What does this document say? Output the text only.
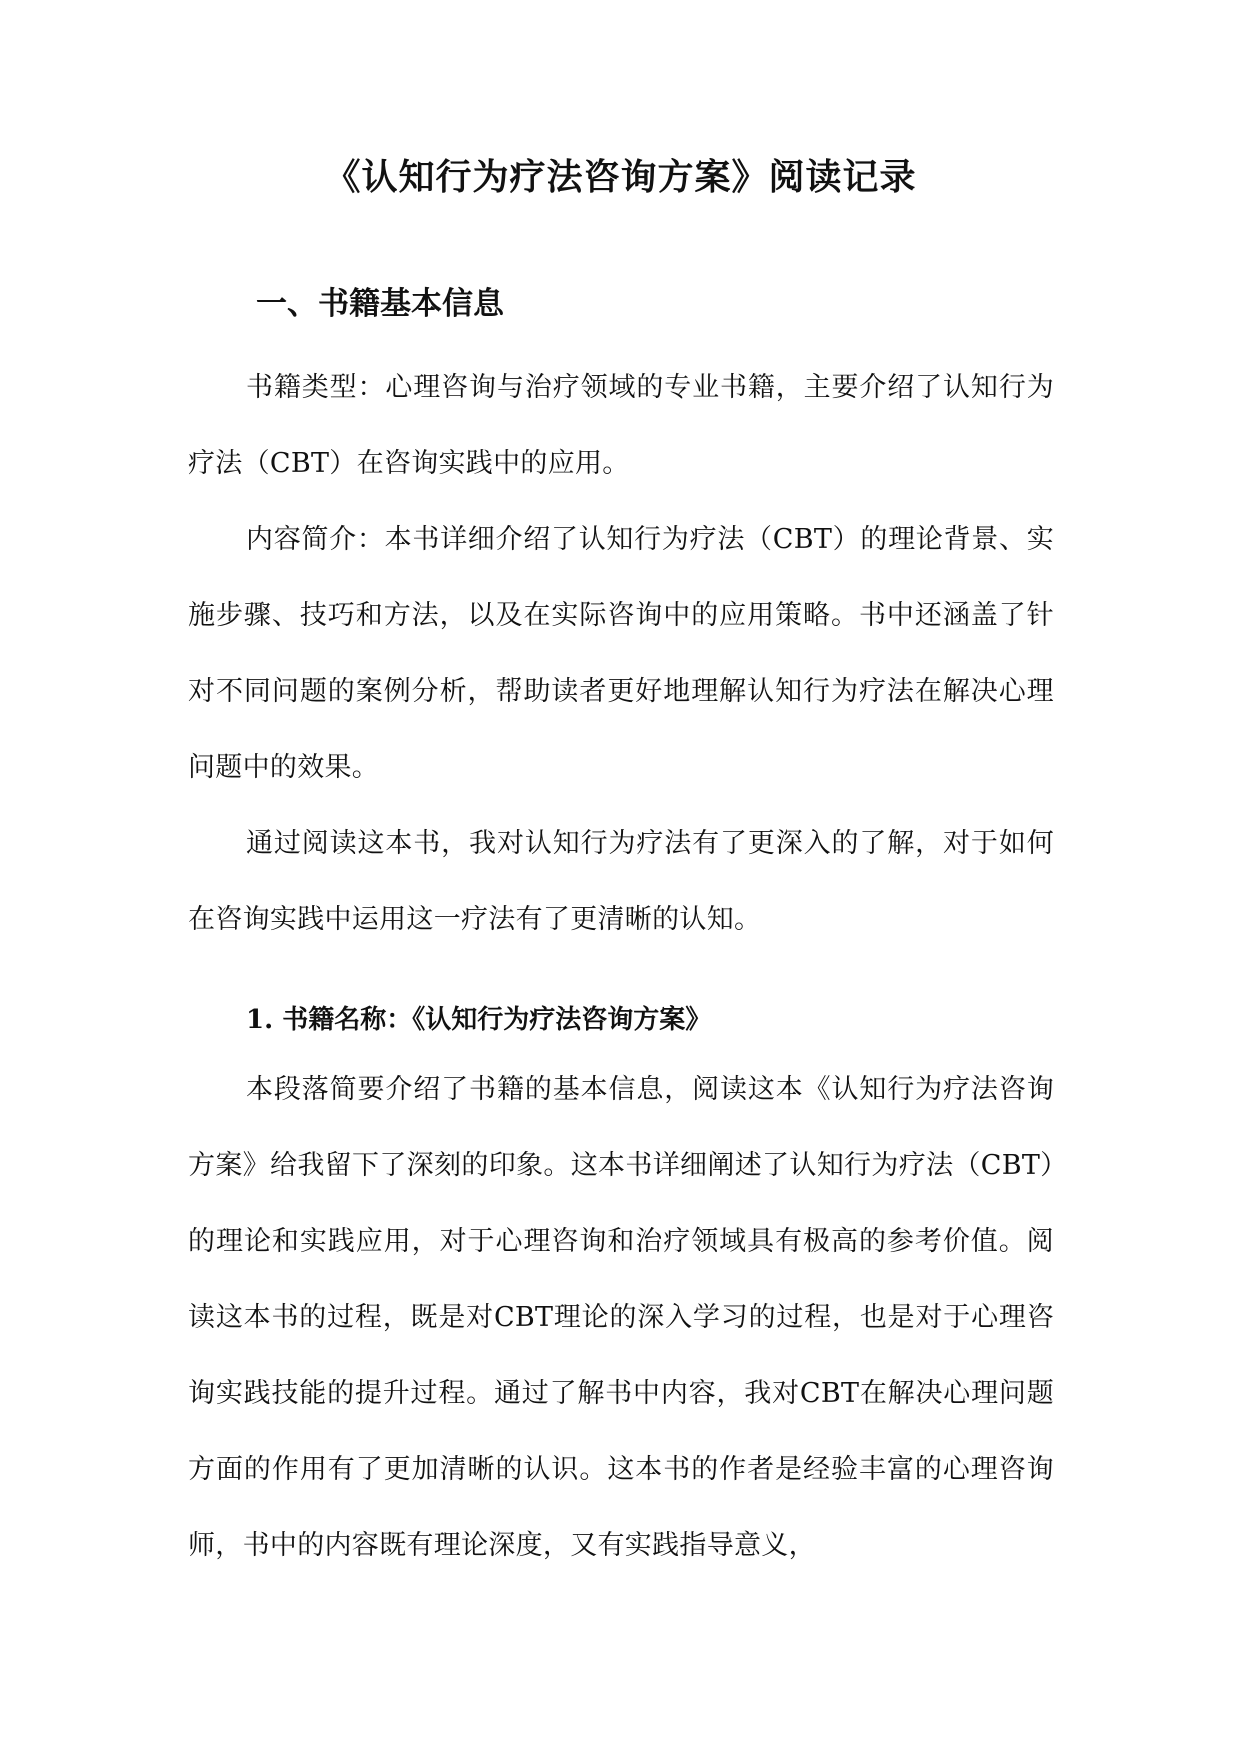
《认知行为疗法咨询方案》阅读记录
一、书籍基本信息

书籍类型：心理咨询与治疗领域的专业书籍，主要介绍了认知行为疗法（CBT）在咨询实践中的应用。

内容简介：本书详细介绍了认知行为疗法（CBT）的理论背景、实施步骤、技巧和方法，以及在实际咨询中的应用策略。书中还涵盖了针对不同问题的案例分析，帮助读者更好地理解认知行为疗法在解决心理问题中的效果。

通过阅读这本书，我对认知行为疗法有了更深入的了解，对于如何在咨询实践中运用这一疗法有了更清晰的认知。

1. 书籍名称：《认知行为疗法咨询方案》

本段落简要介绍了书籍的基本信息，阅读这本《认知行为疗法咨询方案》给我留下了深刻的印象。这本书详细阐述了认知行为疗法（CBT）的理论和实践应用，对于心理咨询和治疗领域具有极高的参考价值。阅读这本书的过程，既是对CBT理论的深入学习的过程，也是对于心理咨询实践技能的提升过程。通过了解书中内容，我对CBT在解决心理问题方面的作用有了更加清晰的认识。这本书的作者是经验丰富的心理咨询师，书中的内容既有理论深度，又有实践指导意义，
